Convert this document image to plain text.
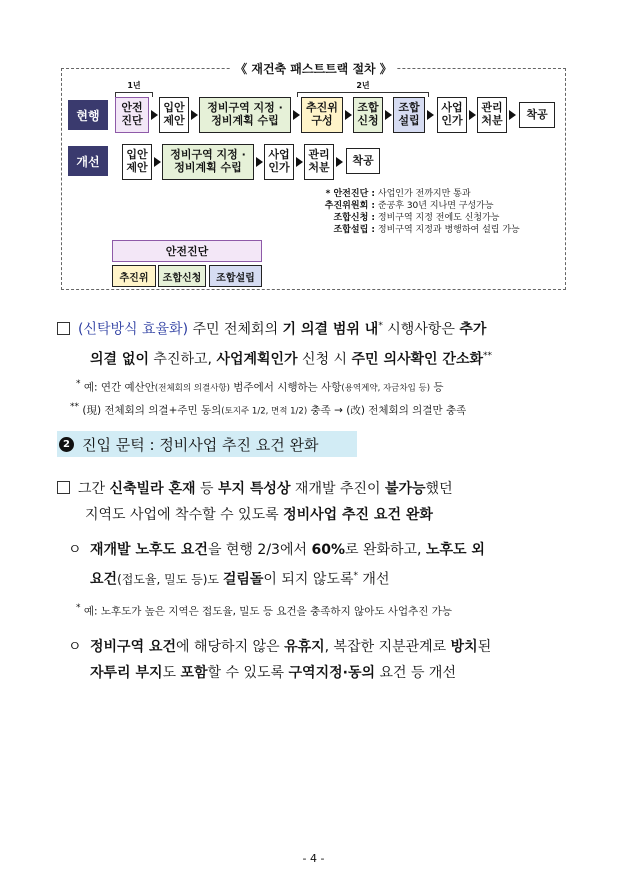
《 재건축 패스트트랙 절차 》
1년	2년
현행
안전
진단
입안
제안
정비구역 지정 ·
정비계획 수립
추진위
구성
조합
신청
조합
설립
사업
인가
관리
처분 착공
개선	입안
제안
정비구역 지정 ·
정비계획 수립
사업
인가
관리
처분
착공
* 안전진단 : 사업인가 전까지만 통과
추진위원회 : 준공후 30년 지나면 구성가능
조합신청 : 정비구역 지정 전에도 신청가능
조합설립 : 정비구역 지정과 병행하여 설립 가능
안전진단
추진위	조합신청	조합설립
(신탁방식 효율화) 주민 전체회의 기 의결 범위 내* 시행사항은 추가
의결 없이 추진하고, 사업계획인가 신청 시 주민 의사확인 간소화**
* 예: 연간 예산안(전체회의 의결사항) 범주에서 시행하는 사항(용역계약, 자금차입 등) 등
** (現) 전체회의 의결+주민 동의(토지주 1/2, 면적 1/2) 충족 → (改) 전체회의 의결만 충족
2 진입 문턱 : 정비사업 추진 요건 완화
그간 신축빌라 혼재 등 부지 특성상 재개발 추진이 불가능했던
지역도 사업에 착수할 수 있도록 정비사업 추진 요건 완화
ㅇ 재개발 노후도 요건을 현행 2/3에서 60%로 완화하고, 노후도 외
요건(접도율, 밀도 등)도 걸림돌이 되지 않도록* 개선
* 예: 노후도가 높은 지역은 접도율, 밀도 등 요건을 충족하지 않아도 사업추진 가능
ㅇ 정비구역 요건에 해당하지 않은 유휴지, 복잡한 지분관계로 방치된
자투리 부지도 포함할 수 있도록 구역지정·동의 요건 등 개선
- 4 -
